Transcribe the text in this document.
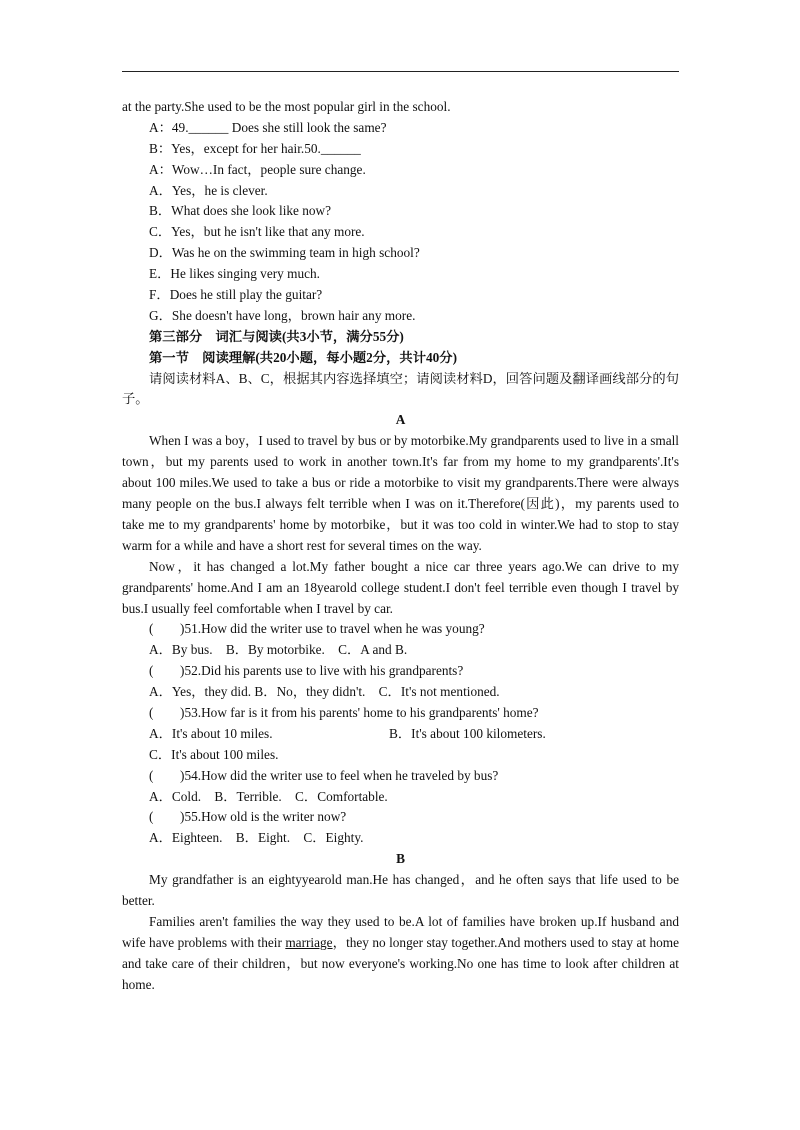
at the party.She used to be the most popular girl in the school.
A：49.______ Does she still look the same?
B：Yes，except for her hair.50.______
A：Wow…In fact，people sure change.
A．Yes，he is clever.
B．What does she look like now?
C．Yes，but he isn't like that any more.
D．Was he on the swimming team in high school?
E．He likes singing very much.
F．Does he still play the guitar?
G．She doesn't have long，brown hair any more.
第三部分　词汇与阅读(共3小节，满分55分)
第一节　阅读理解(共20小题，每小题2分，共计40分)
请阅读材料A、B、C，根据其内容选择填空；请阅读材料D，回答问题及翻译画线部分的句子。
A
When I was a boy，I used to travel by bus or by motorbike.My grandparents used to live in a small town，but my parents used to work in another town.It's far from my home to my grandparents'.It's about 100 miles.We used to take a bus or ride a motorbike to visit my grandparents.There were always many people on the bus.I always felt terrible when I was on it.Therefore(因此)，my parents used to take me to my grandparents' home by motorbike，but it was too cold in winter.We had to stop to stay warm for a while and have a short rest for several times on the way.
Now，it has changed a lot.My father bought a nice car three years ago.We can drive to my grandparents' home.And I am an 18yearold college student.I don't feel terrible even though I travel by bus.I usually feel comfortable when I travel by car.
(　　)51.How did the writer use to travel when he was young?
A．By bus.　B．By motorbike.　C．A and B.
(　　)52.Did his parents use to live with his grandparents?
A．Yes，they did. B．No，they didn't.　C．It's not mentioned.
(　　)53.How far is it from his parents' home to his grandparents' home?
A．It's about 10 miles.	B．It's about 100 kilometers.
C．It's about 100 miles.
(　　)54.How did the writer use to feel when he traveled by bus?
A．Cold.　B．Terrible.　C．Comfortable.
(　　)55.How old is the writer now?
A．Eighteen.　B．Eight.　C．Eighty.
B
My grandfather is an eightyyearold man.He has changed，and he often says that life used to be better.
Families aren't families the way they used to be.A lot of families have broken up.If husband and wife have problems with their marriage，they no longer stay together.And mothers used to stay at home and take care of their children，but now everyone's working.No one has time to look after children at home.
